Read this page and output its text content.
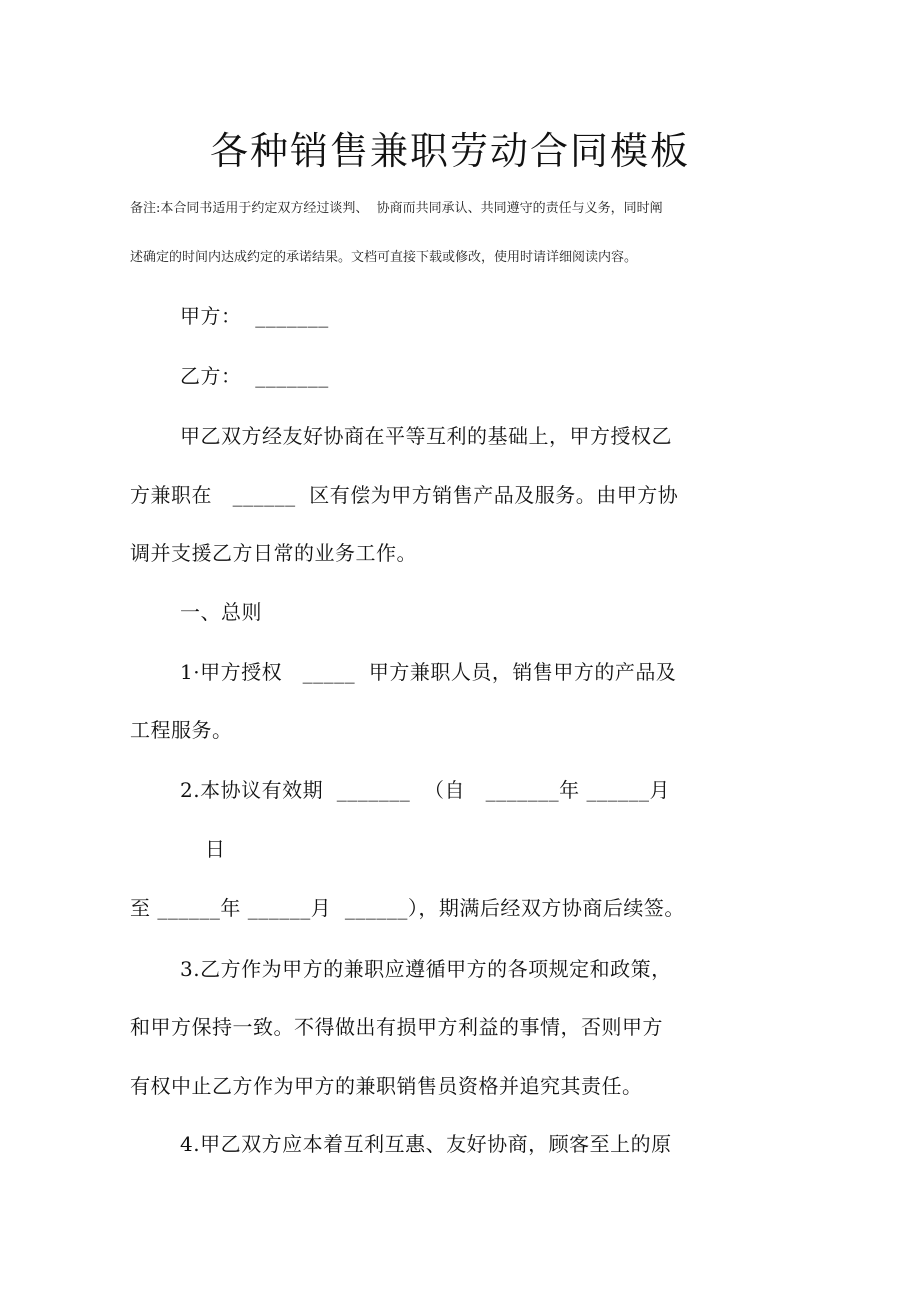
各种销售兼职劳动合同模板
备注:本合同书适用于约定双方经过谈判、  协商而共同承认、共同遵守的责任与义务，同时阐
述确定的时间内达成约定的承诺结果。文档可直接下载或修改，使用时请详细阅读内容。
甲方：  _______
乙方：  _______
甲乙双方经友好协商在平等互利的基础上，甲方授权乙
方兼职在   ______  区有偿为甲方销售产品及服务。由甲方协
调并支援乙方日常的业务工作。
一、总则
1·甲方授权   _____  甲方兼职人员，销售甲方的产品及
工程服务。
2.本协议有效期  _______  （自   _______年 ______月
日
至 ______年 ______月  ______），期满后经双方协商后续签。
3.乙方作为甲方的兼职应遵循甲方的各项规定和政策，
和甲方保持一致。不得做出有损甲方利益的事情，否则甲方
有权中止乙方作为甲方的兼职销售员资格并追究其责任。
4.甲乙双方应本着互利互惠、友好协商，顾客至上的原
